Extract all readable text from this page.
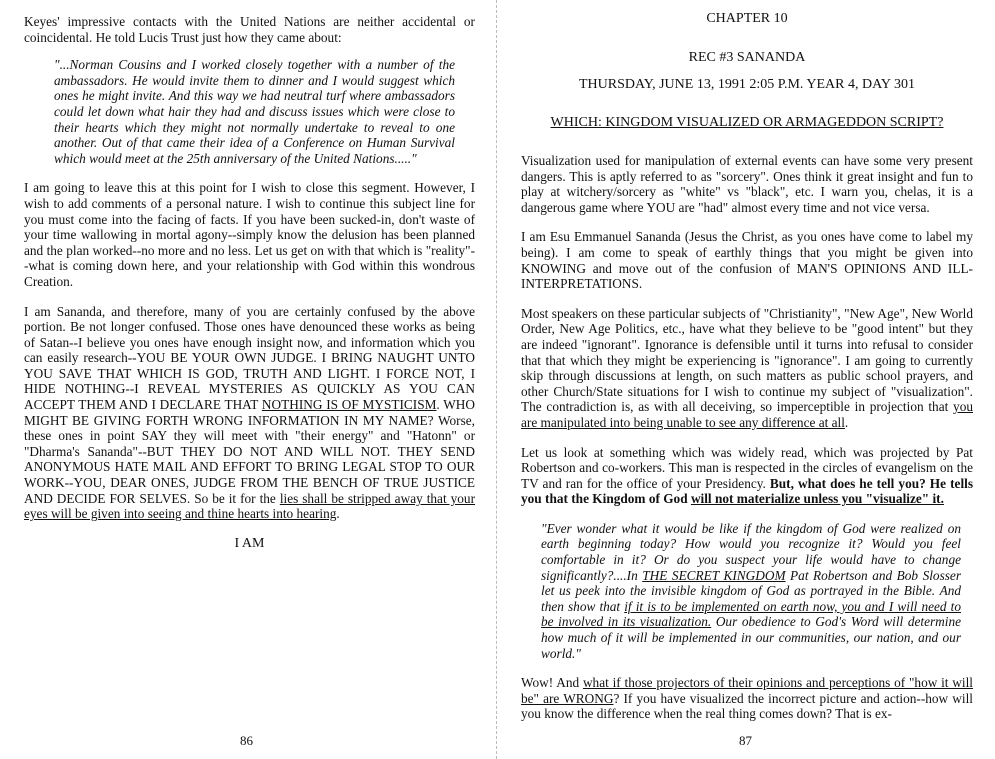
Keyes' impressive contacts with the United Nations are neither accidental or coincidental. He told Lucis Trust just how they came about:

"...Norman Cousins and I worked closely together with a number of the ambassadors. He would invite them to dinner and I would suggest which ones he might invite. And this way we had neutral turf where ambassadors could let down what hair they had and discuss issues which were close to their hearts which they might not normally undertake to reveal to one another. Out of that came their idea of a Conference on Human Survival which would meet at the 25th anniversary of the United Nations....."

I am going to leave this at this point for I wish to close this segment. However, I wish to add comments of a personal nature. I wish to continue this subject line for you must come into the facing of facts. If you have been sucked-in, don't waste of your time wallowing in mortal agony--simply know the delusion has been planned and the plan worked--no more and no less. Let us get on with that which is "reality"--what is coming down here, and your relationship with God within this wondrous Creation.

I am Sananda, and therefore, many of you are certainly confused by the above portion. Be not longer confused. Those ones have denounced these works as being of Satan--I believe you ones have enough insight now, and information which you can easily research--YOU BE YOUR OWN JUDGE. I BRING NAUGHT UNTO YOU SAVE THAT WHICH IS GOD, TRUTH AND LIGHT. I FORCE NOT, I HIDE NOTHING--I REVEAL MYSTERIES AS QUICKLY AS YOU CAN ACCEPT THEM AND I DECLARE THAT NOTHING IS OF MYSTICISM. WHO MIGHT BE GIVING FORTH WRONG INFORMATION IN MY NAME? Worse, these ones in point SAY they will meet with "their energy" and "Hatonn" or "Dharma's Sananda"--BUT THEY DO NOT AND WILL NOT. THEY SEND ANONYMOUS HATE MAIL AND EFFORT TO BRING LEGAL STOP TO OUR WORK--YOU, DEAR ONES, JUDGE FROM THE BENCH OF TRUE JUSTICE AND DECIDE FOR SELVES. So be it for the lies shall be stripped away that your eyes will be given into seeing and thine hearts into hearing.

I AM
86
CHAPTER 10
REC #3 SANANDA
THURSDAY, JUNE 13, 1991 2:05 P.M. YEAR 4, DAY 301
WHICH: KINGDOM VISUALIZED OR ARMAGEDDON SCRIPT?

Visualization used for manipulation of external events can have some very present dangers. This is aptly referred to as "sorcery". Ones think it great insight and fun to play at witchery/sorcery as "white" vs "black", etc. I warn you, chelas, it is a dangerous game where YOU are "had" almost every time and not vice versa.

I am Esu Emmanuel Sananda (Jesus the Christ, as you ones have come to label my being). I am come to speak of earthly things that you might be given into KNOWING and move out of the confusion of MAN'S OPINIONS AND ILL-INTERPRETATIONS.

Most speakers on these particular subjects of "Christianity", "New Age", New World Order, New Age Politics, etc., have what they believe to be "good intent" but they are indeed "ignorant". Ignorance is defensible until it turns into refusal to consider that that which they might be experiencing is "ignorance". I am going to currently skip through discussions at length, on such matters as public school prayers, and other Church/State situations for I wish to continue my subject of "visualization". The contradiction is, as with all deceiving, so imperceptible in projection that you are manipulated into being unable to see any difference at all.

Let us look at something which was widely read, which was projected by Pat Robertson and co-workers. This man is respected in the circles of evangelism on the TV and ran for the office of your Presidency. But, what does he tell you? He tells you that the Kingdom of God will not materialize unless you "visualize" it.

"Ever wonder what it would be like if the kingdom of God were realized on earth beginning today? How would you recognize it? Would you feel comfortable in it? Or do you suspect your life would have to change significantly?....In THE SECRET KINGDOM Pat Robertson and Bob Slosser let us peek into the invisible kingdom of God as portrayed in the Bible. And then show that if it is to be implemented on earth now, you and I will need to be involved in its visualization. Our obedience to God's Word will determine how much of it will be implemented in our communities, our nation, and our world."

Wow! And what if those projectors of their opinions and perceptions of "how it will be" are WRONG? If you have visualized the incorrect picture and action--how will you know the difference when the real thing comes down? That is ex-

87
